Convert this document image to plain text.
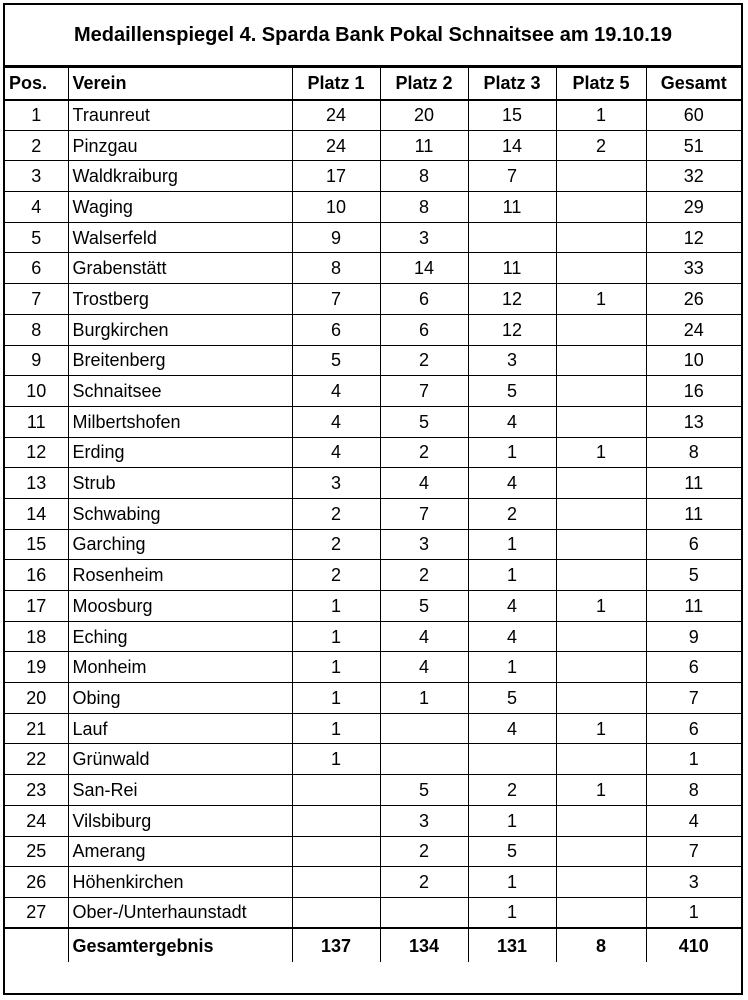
Medaillenspiegel 4. Sparda Bank Pokal Schnaitsee am 19.10.19
Pos.	Verein	Platz 1	Platz 2	Platz 3	Platz 5	Gesamt
1	Traunreut	24	20	15	1	60
2	Pinzgau	24	11	14	2	51
3	Waldkraiburg	17	8	7		32
4	Waging	10	8	11		29
5	Walserfeld	9	3			12
6	Grabenstätt	8	14	11		33
7	Trostberg	7	6	12	1	26
8	Burgkirchen	6	6	12		24
9	Breitenberg	5	2	3		10
10	Schnaitsee	4	7	5		16
11	Milbertshofen	4	5	4		13
12	Erding	4	2	1	1	8
13	Strub	3	4	4		11
14	Schwabing	2	7	2		11
15	Garching	2	3	1		6
16	Rosenheim	2	2	1		5
17	Moosburg	1	5	4	1	11
18	Eching	1	4	4		9
19	Monheim	1	4	1		6
20	Obing	1	1	5		7
21	Lauf	1		4	1	6
22	Grünwald	1				1
23	San-Rei		5	2	1	8
24	Vilsbiburg		3	1		4
25	Amerang		2	5		7
26	Höhenkirchen		2	1		3
27	Ober-/Unterhaunstadt			1		1
	Gesamtergebnis	137	134	131	8	410
